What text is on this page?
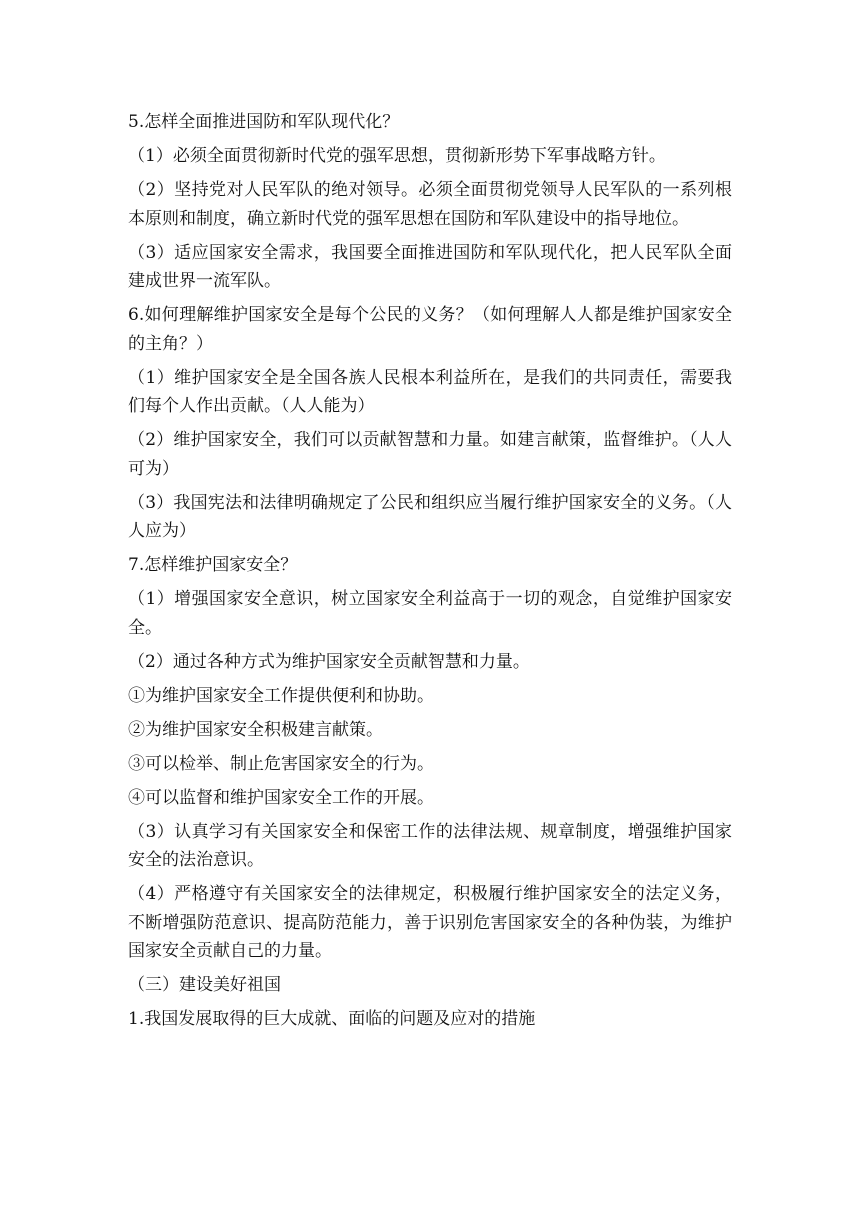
5.怎样全面推进国防和军队现代化？

（1）必须全面贯彻新时代党的强军思想，贯彻新形势下军事战略方针。

（2）坚持党对人民军队的绝对领导。必须全面贯彻党领导人民军队的一系列根本原则和制度，确立新时代党的强军思想在国防和军队建设中的指导地位。

（3）适应国家安全需求，我国要全面推进国防和军队现代化，把人民军队全面建成世界一流军队。

6.如何理解维护国家安全是每个公民的义务？（如何理解人人都是维护国家安全的主角？）

（1）维护国家安全是全国各族人民根本利益所在，是我们的共同责任，需要我们每个人作出贡献。（人人能为）

（2）维护国家安全，我们可以贡献智慧和力量。如建言献策，监督维护。（人人可为）

（3）我国宪法和法律明确规定了公民和组织应当履行维护国家安全的义务。（人人应为）

7.怎样维护国家安全？

（1）增强国家安全意识，树立国家安全利益高于一切的观念，自觉维护国家安全。

（2）通过各种方式为维护国家安全贡献智慧和力量。

①为维护国家安全工作提供便利和协助。

②为维护国家安全积极建言献策。

③可以检举、制止危害国家安全的行为。

④可以监督和维护国家安全工作的开展。

（3）认真学习有关国家安全和保密工作的法律法规、规章制度，增强维护国家安全的法治意识。

（4）严格遵守有关国家安全的法律规定，积极履行维护国家安全的法定义务，不断增强防范意识、提高防范能力，善于识别危害国家安全的各种伪装，为维护国家安全贡献自己的力量。

（三）建设美好祖国

1.我国发展取得的巨大成就、面临的问题及应对的措施
